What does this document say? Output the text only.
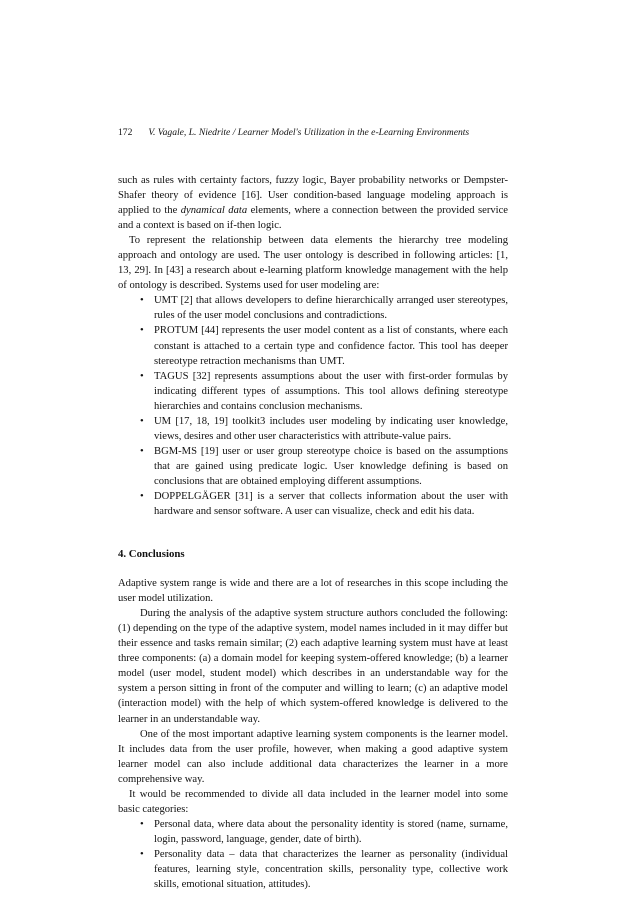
172 V. Vagale, L. Niedrite / Learner Model's Utilization in the e-Learning Environments

such as rules with certainty factors, fuzzy logic, Bayer probability networks or Dempster-Shafer theory of evidence [16]. User condition-based language modeling approach is applied to the dynamical data elements, where a connection between the provided service and a context is based on if-then logic.

To represent the relationship between data elements the hierarchy tree modeling approach and ontology are used. The user ontology is described in following articles: [1, 13, 29]. In [43] a research about e-learning platform knowledge management with the help of ontology is described. Systems used for user modeling are:

• UMT [2] that allows developers to define hierarchically arranged user stereotypes, rules of the user model conclusions and contradictions.
• PROTUM [44] represents the user model content as a list of constants, where each constant is attached to a certain type and confidence factor. This tool has deeper stereotype retraction mechanisms than UMT.
• TAGUS [32] represents assumptions about the user with first-order formulas by indicating different types of assumptions. This tool allows defining stereotype hierarchies and contains conclusion mechanisms.
• UM [17, 18, 19] toolkit3 includes user modeling by indicating user knowledge, views, desires and other user characteristics with attribute-value pairs.
• BGM-MS [19] user or user group stereotype choice is based on the assumptions that are gained using predicate logic. User knowledge defining is based on conclusions that are obtained employing different assumptions.
• DOPPELGÄGER [31] is a server that collects information about the user with hardware and sensor software. A user can visualize, check and edit his data.
4. Conclusions

Adaptive system range is wide and there are a lot of researches in this scope including the user model utilization.

During the analysis of the adaptive system structure authors concluded the following: (1) depending on the type of the adaptive system, model names included in it may differ but their essence and tasks remain similar; (2) each adaptive learning system must have at least three components: (a) a domain model for keeping system-offered knowledge; (b) a learner model (user model, student model) which describes in an understandable way for the system a person sitting in front of the computer and willing to learn; (c) an adaptive model (interaction model) with the help of which system-offered knowledge is delivered to the learner in an understandable way.

One of the most important adaptive learning system components is the learner model. It includes data from the user profile, however, when making a good adaptive system learner model can also include additional data characterizes the learner in a more comprehensive way.

It would be recommended to divide all data included in the learner model into some basic categories:

• Personal data, where data about the personality identity is stored (name, surname, login, password, language, gender, date of birth).
• Personality data – data that characterizes the learner as personality (individual features, learning style, concentration skills, personality type, collective work skills, emotional situation, attitudes).
